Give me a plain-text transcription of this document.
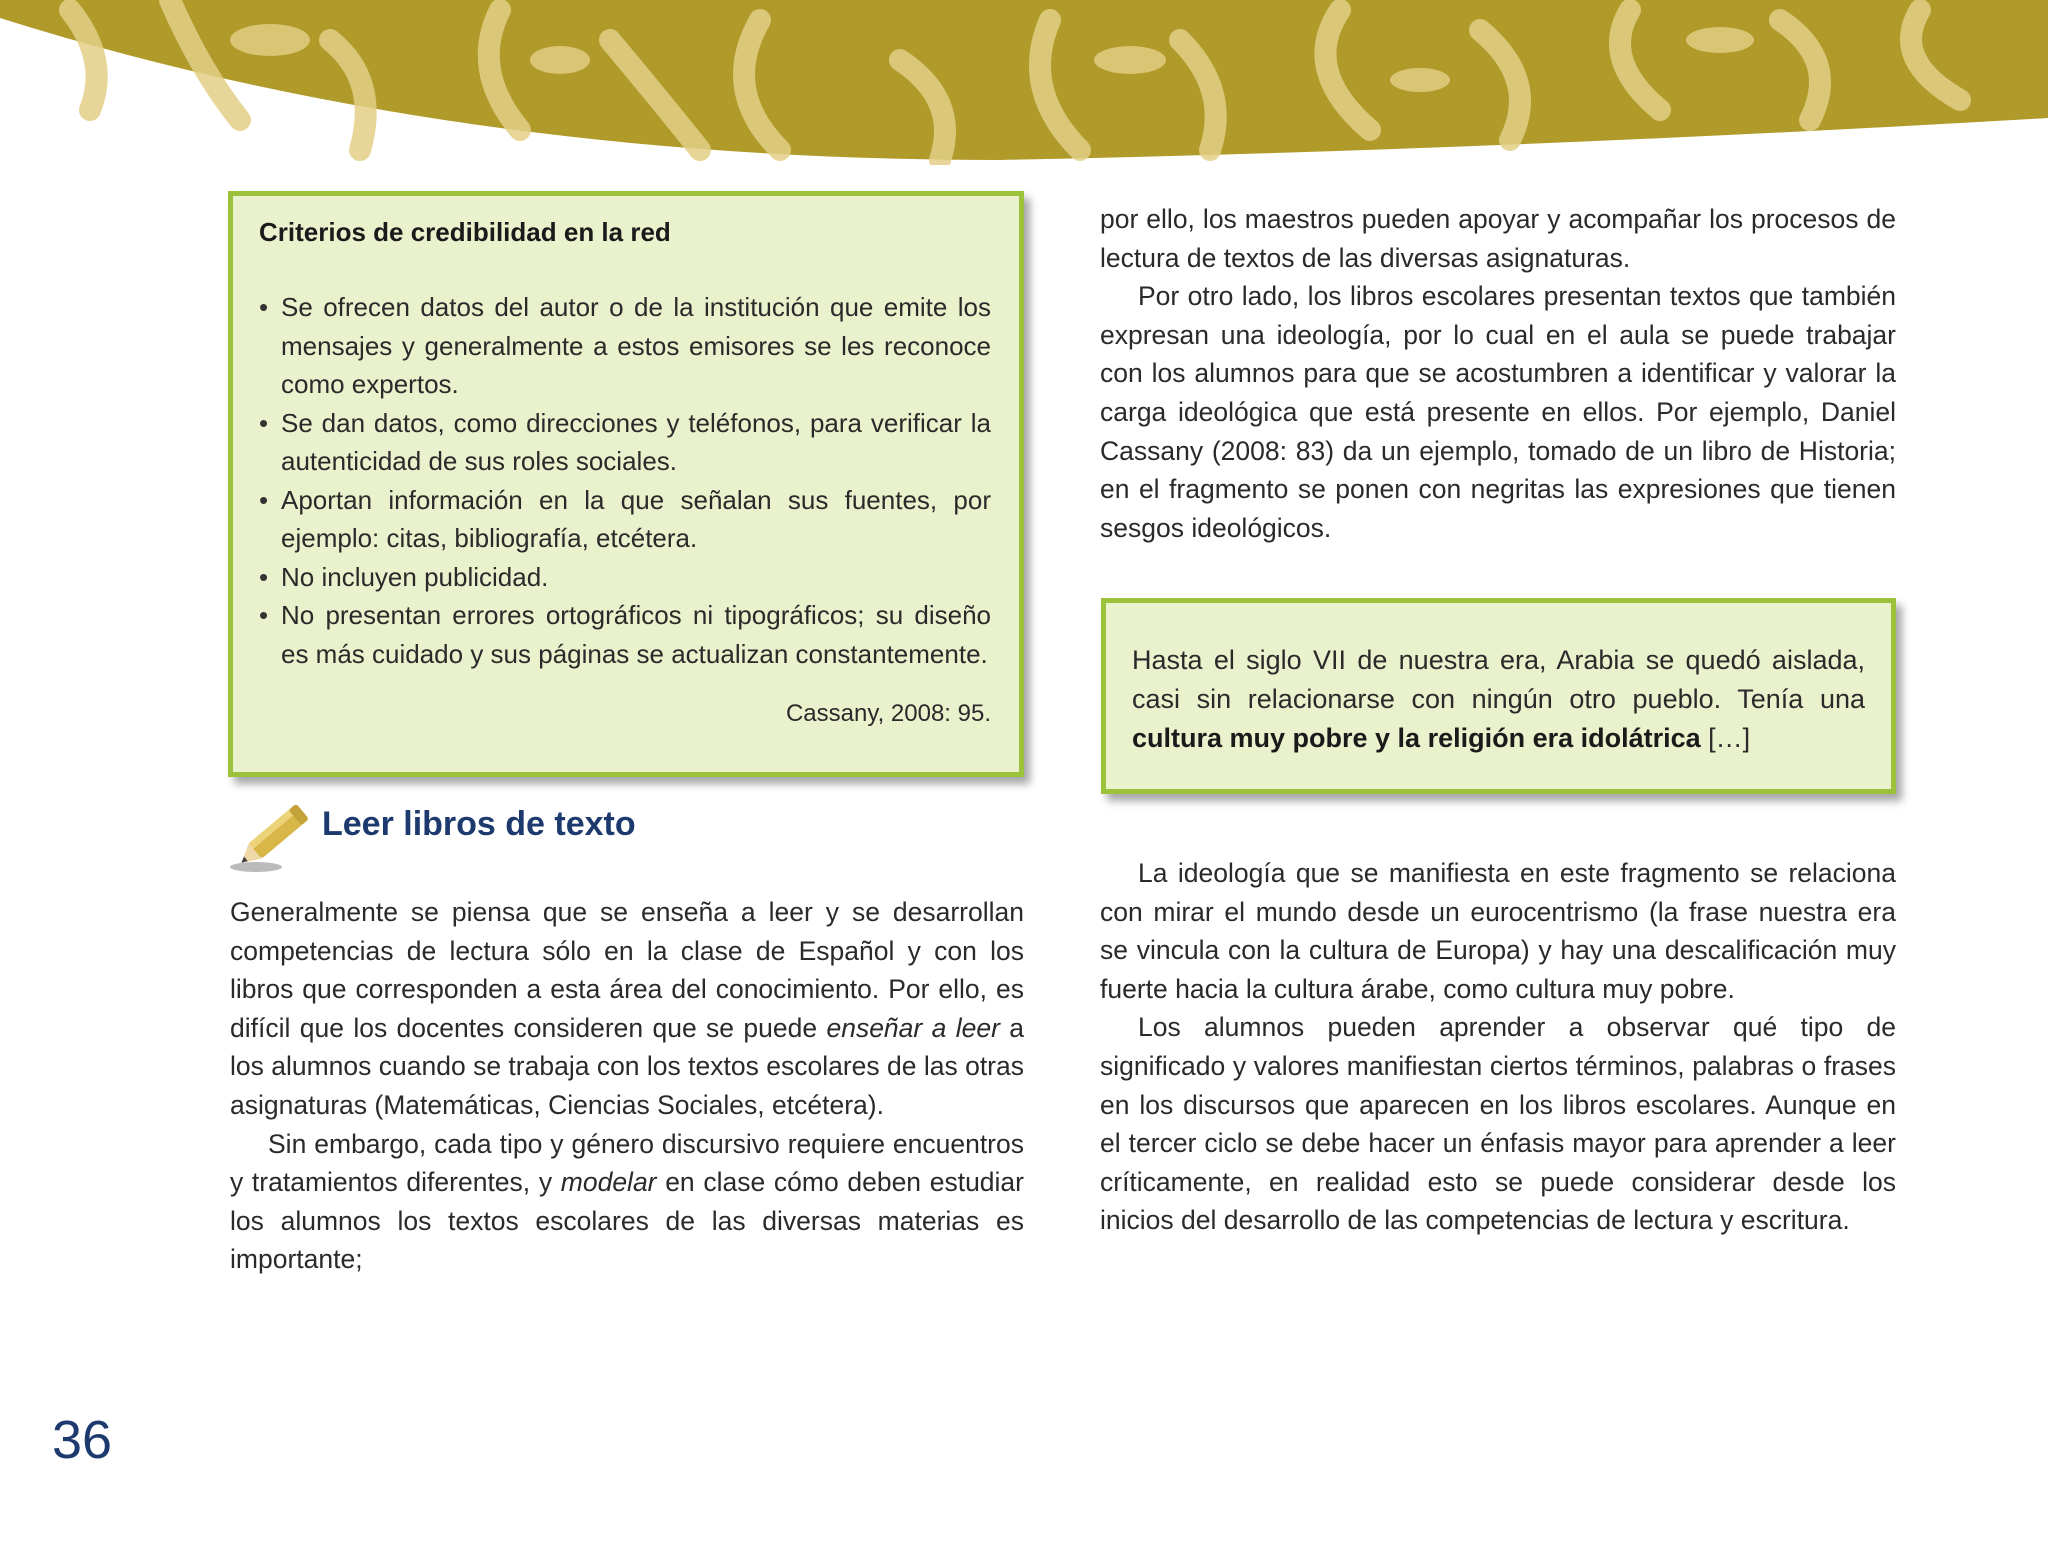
Criterios de credibilidad en la red
• Se ofrecen datos del autor o de la institución que emite los mensajes y generalmente a estos emisores se les reconoce como expertos.
• Se dan datos, como direcciones y teléfonos, para verificar la autenticidad de sus roles sociales.
• Aportan información en la que señalan sus fuentes, por ejemplo: citas, bibliografía, etcétera.
• No incluyen publicidad.
• No presentan errores ortográficos ni tipográficos; su diseño es más cuidado y sus páginas se actualizan constantemente.
Cassany, 2008: 95.
Leer libros de texto

Generalmente se piensa que se enseña a leer y se desarrollan competencias de lectura sólo en la clase de Español y con los libros que corresponden a esta área del conocimiento. Por ello, es difícil que los docentes consideren que se puede enseñar a leer a los alumnos cuando se trabaja con los textos escolares de las otras asignaturas (Matemáticas, Ciencias Sociales, etcétera).

Sin embargo, cada tipo y género discursivo requiere encuentros y tratamientos diferentes, y modelar en clase cómo deben estudiar los alumnos los textos escolares de las diversas materias es importante;

por ello, los maestros pueden apoyar y acompañar los procesos de lectura de textos de las diversas asignaturas.

Por otro lado, los libros escolares presentan textos que también expresan una ideología, por lo cual en el aula se puede trabajar con los alumnos para que se acostumbren a identificar y valorar la carga ideológica que está presente en ellos. Por ejemplo, Daniel Cassany (2008: 83) da un ejemplo, tomado de un libro de Historia; en el fragmento se ponen con negritas las expresiones que tienen sesgos ideológicos.

Hasta el siglo VII de nuestra era, Arabia se quedó aislada, casi sin relacionarse con ningún otro pueblo. Tenía una cultura muy pobre y la religión era idolátrica […]

La ideología que se manifiesta en este fragmento se relaciona con mirar el mundo desde un eurocentrismo (la frase nuestra era se vincula con la cultura de Europa) y hay una descalificación muy fuerte hacia la cultura árabe, como cultura muy pobre.

Los alumnos pueden aprender a observar qué tipo de significado y valores manifiestan ciertos términos, palabras o frases en los discursos que aparecen en los libros escolares. Aunque en el tercer ciclo se debe hacer un énfasis mayor para aprender a leer críticamente, en realidad esto se puede considerar desde los inicios del desarrollo de las competencias de lectura y escritura.

36
